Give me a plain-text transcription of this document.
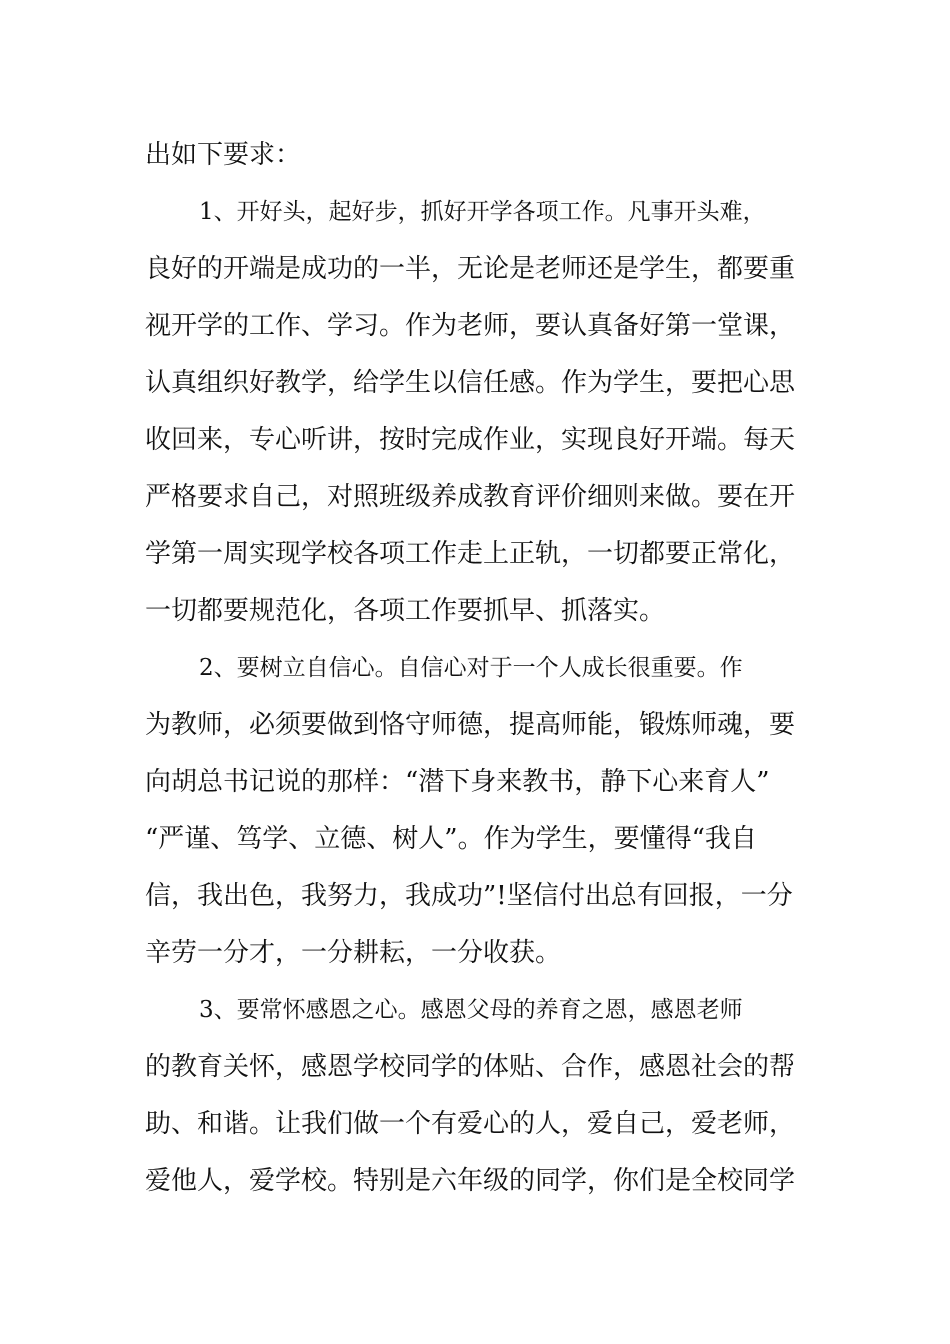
出如下要求：
1、开好头，起好步，抓好开学各项工作。凡事开头难，
良好的开端是成功的一半，无论是老师还是学生，都要重
视开学的工作、学习。作为老师，要认真备好第一堂课，
认真组织好教学，给学生以信任感。作为学生，要把心思
收回来，专心听讲，按时完成作业，实现良好开端。每天
严格要求自己，对照班级养成教育评价细则来做。要在开
学第一周实现学校各项工作走上正轨，一切都要正常化，
一切都要规范化，各项工作要抓早、抓落实。
2、要树立自信心。自信心对于一个人成长很重要。作
为教师，必须要做到恪守师德，提高师能，锻炼师魂，要
向胡总书记说的那样：“潜下身来教书，静下心来育人”
“严谨、笃学、立德、树人”。作为学生，要懂得“我自
信，我出色，我努力，我成功”!坚信付出总有回报，一分
辛劳一分才，一分耕耘，一分收获。
3、要常怀感恩之心。感恩父母的养育之恩，感恩老师
的教育关怀，感恩学校同学的体贴、合作，感恩社会的帮
助、和谐。让我们做一个有爱心的人，爱自己，爱老师，
爱他人，爱学校。特别是六年级的同学，你们是全校同学
